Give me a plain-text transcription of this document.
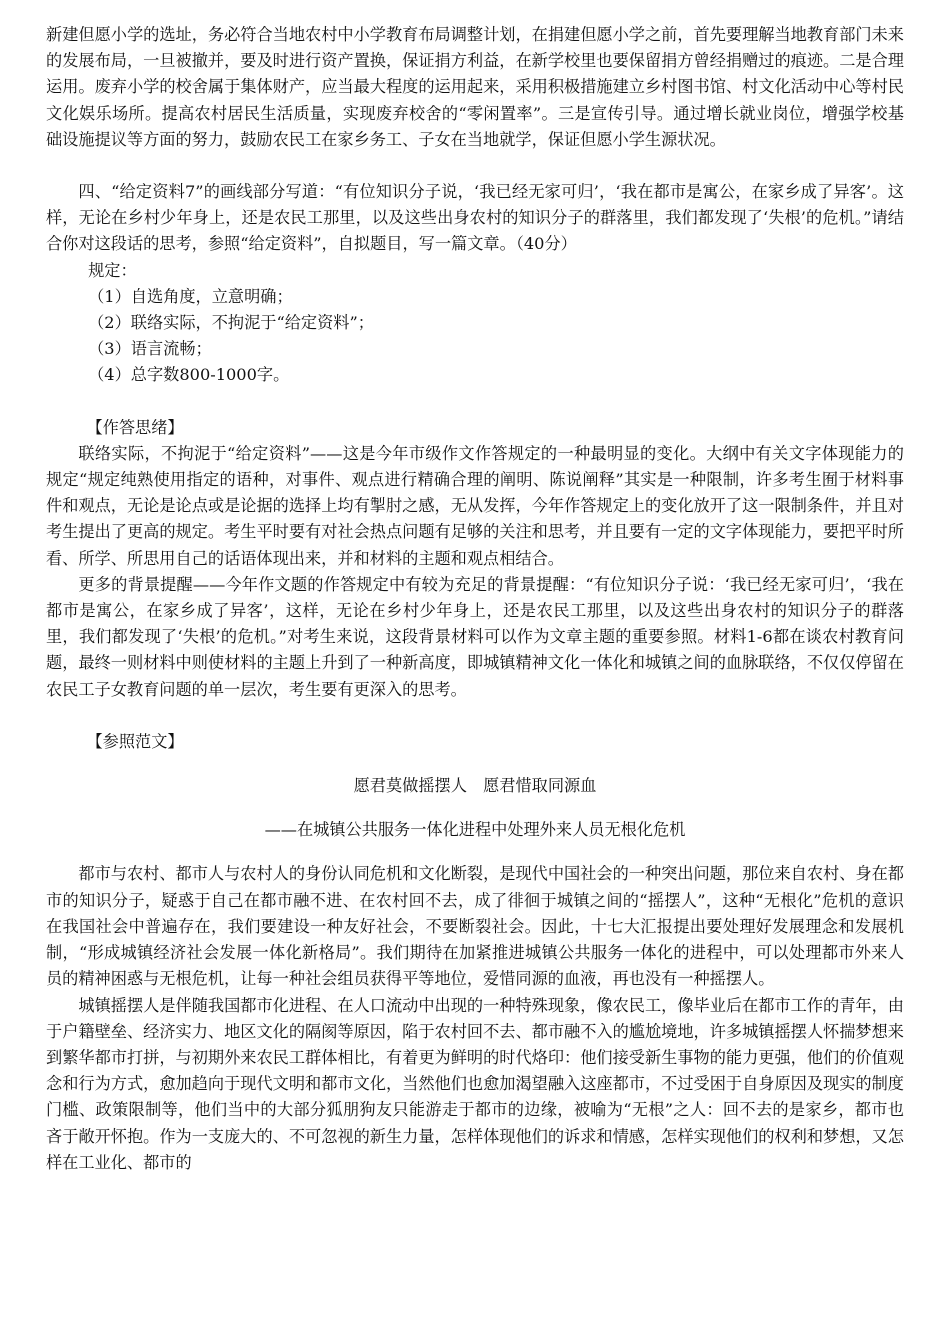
新建但愿小学的选址，务必符合当地农村中小学教育布局调整计划，在捐建但愿小学之前，首先要理解当地教育部门未来的发展布局，一旦被撤并，要及时进行资产置换，保证捐方利益，在新学校里也要保留捐方曾经捐赠过的痕迹。二是合理运用。废弃小学的校舍属于集体财产，应当最大程度的运用起来，采用积极措施建立乡村图书馆、村文化活动中心等村民文化娱乐场所。提高农村居民生活质量，实现废弃校舍的“零闲置率”。三是宣传引导。通过增长就业岗位，增强学校基础设施提议等方面的努力，鼓励农民工在家乡务工、子女在当地就学，保证但愿小学生源状况。

四、“给定资料7”的画线部分写道：“有位知识分子说，‘我已经无家可归’，‘我在都市是寓公，在家乡成了异客’。这样，无论在乡村少年身上，还是农民工那里，以及这些出身农村的知识分子的群落里，我们都发现了‘失根’的危机。”请结合你对这段话的思考，参照“给定资料”，自拟题目，写一篇文章。（40分）

规定：

（1）自选角度，立意明确；
（2）联络实际，不拘泥于“给定资料”；
（3）语言流畅；
（4）总字数800-1000字。

【作答思绪】

联络实际，不拘泥于“给定资料”——这是今年市级作文作答规定的一种最明显的变化。大纲中有关文字体现能力的规定“规定纯熟使用指定的语种，对事件、观点进行精确合理的阐明、陈说阐释”其实是一种限制，许多考生囿于材料事件和观点，无论是论点或是论据的选择上均有掣肘之感，无从发挥，今年作答规定上的变化放开了这一限制条件，并且对考生提出了更高的规定。考生平时要有对社会热点问题有足够的关注和思考，并且要有一定的文字体现能力，要把平时所看、所学、所思用自己的话语体现出来，并和材料的主题和观点相结合。

更多的背景提醒——今年作文题的作答规定中有较为充足的背景提醒：“有位知识分子说：‘我已经无家可归’，‘我在都市是寓公，在家乡成了异客’，这样，无论在乡村少年身上，还是农民工那里，以及这些出身农村的知识分子的群落里，我们都发现了‘失根’的危机。”对考生来说，这段背景材料可以作为文章主题的重要参照。材料1-6都在谈农村教育问题，最终一则材料中则使材料的主题上升到了一种新高度，即城镇精神文化一体化和城镇之间的血脉联络，不仅仅停留在农民工子女教育问题的单一层次，考生要有更深入的思考。

【参照范文】

愿君莫做摇摆人　愿君惜取同源血

——在城镇公共服务一体化进程中处理外来人员无根化危机

都市与农村、都市人与农村人的身份认同危机和文化断裂，是现代中国社会的一种突出问题，那位来自农村、身在都市的知识分子，疑惑于自己在都市融不进、在农村回不去，成了徘徊于城镇之间的“摇摆人”，这种“无根化”危机的意识在我国社会中普遍存在，我们要建设一种友好社会，不要断裂社会。因此，十七大汇报提出要处理好发展理念和发展机制，“形成城镇经济社会发展一体化新格局”。我们期待在加紧推进城镇公共服务一体化的进程中，可以处理都市外来人员的精神困惑与无根危机，让每一种社会组员获得平等地位，爱惜同源的血液，再也没有一种摇摆人。

城镇摇摆人是伴随我国都市化进程、在人口流动中出现的一种特殊现象，像农民工，像毕业后在都市工作的青年，由于户籍壁垒、经济实力、地区文化的隔阂等原因，陷于农村回不去、都市融不入的尴尬境地，许多城镇摇摆人怀揣梦想来到繁华都市打拼，与初期外来农民工群体相比，有着更为鲜明的时代烙印：他们接受新生事物的能力更强，他们的价值观念和行为方式，愈加趋向于现代文明和都市文化，当然他们也愈加渴望融入这座都市，不过受困于自身原因及现实的制度门槛、政策限制等，他们当中的大部分狐朋狗友只能游走于都市的边缘，被喻为“无根”之人：回不去的是家乡，都市也吝于敞开怀抱。作为一支庞大的、不可忽视的新生力量，怎样体现他们的诉求和情感，怎样实现他们的权利和梦想，又怎样在工业化、都市的
